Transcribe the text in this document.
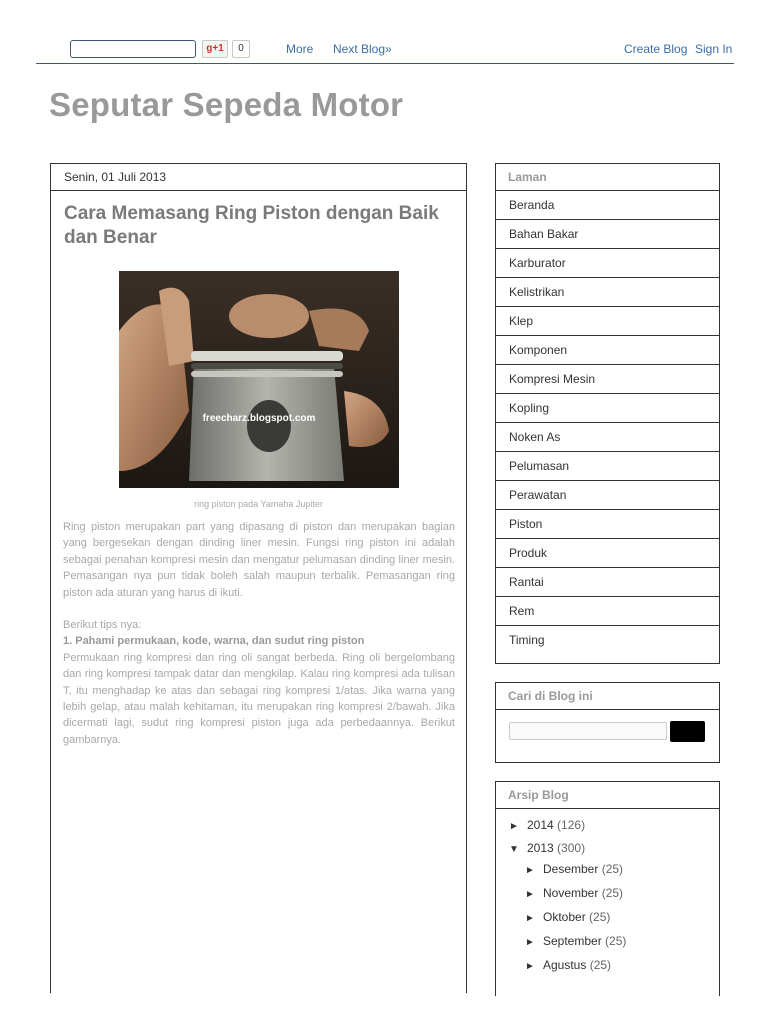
g+1	0	More Next Blog»	Create Blog Sign In
Seputar Sepeda Motor
Senin, 01 Juli 2013
Cara Memasang Ring Piston dengan Baik dan Benar
freecharz.blogspot.com
ring piston pada Yamaha Jupiter

Ring piston merupakan part yang dipasang di piston dan merupakan bagian yang bergesekan dengan dinding liner mesin. Fungsi ring piston ini adalah sebagai penahan kompresi mesin dan mengatur pelumasan dinding liner mesin. Pemasangan nya pun tidak boleh salah maupun terbalik. Pemasangan ring piston ada aturan yang harus di ikuti.

Berikut tips nya:
1. Pahami permukaan, kode, warna, dan sudut ring piston
Permukaan ring kompresi dan ring oli sangat berbeda. Ring oli bergelombang dan ring kompresi tampak datar dan mengkilap. Kalau ring kompresi ada tulisan T, itu menghadap ke atas dan sebagai ring kompresi 1/atas. Jika warna yang lebih gelap, atau malah kehitaman, itu merupakan ring kompresi 2/bawah. Jika dicermati lagi, sudut ring kompresi piston juga ada perbedaannya. Berikut gambarnya.
Laman
Beranda
Bahan Bakar
Karburator
Kelistrikan
Klep
Komponen
Kompresi Mesin
Kopling
Noken As
Pelumasan
Perawatan
Piston
Produk
Rantai
Rem
Timing
Cari di Blog ini
Arsip Blog
► 2014 (126)
▼ 2013 (300)
► Desember (25)
► November (25)
► Oktober (25)
► September (25)
► Agustus (25)
